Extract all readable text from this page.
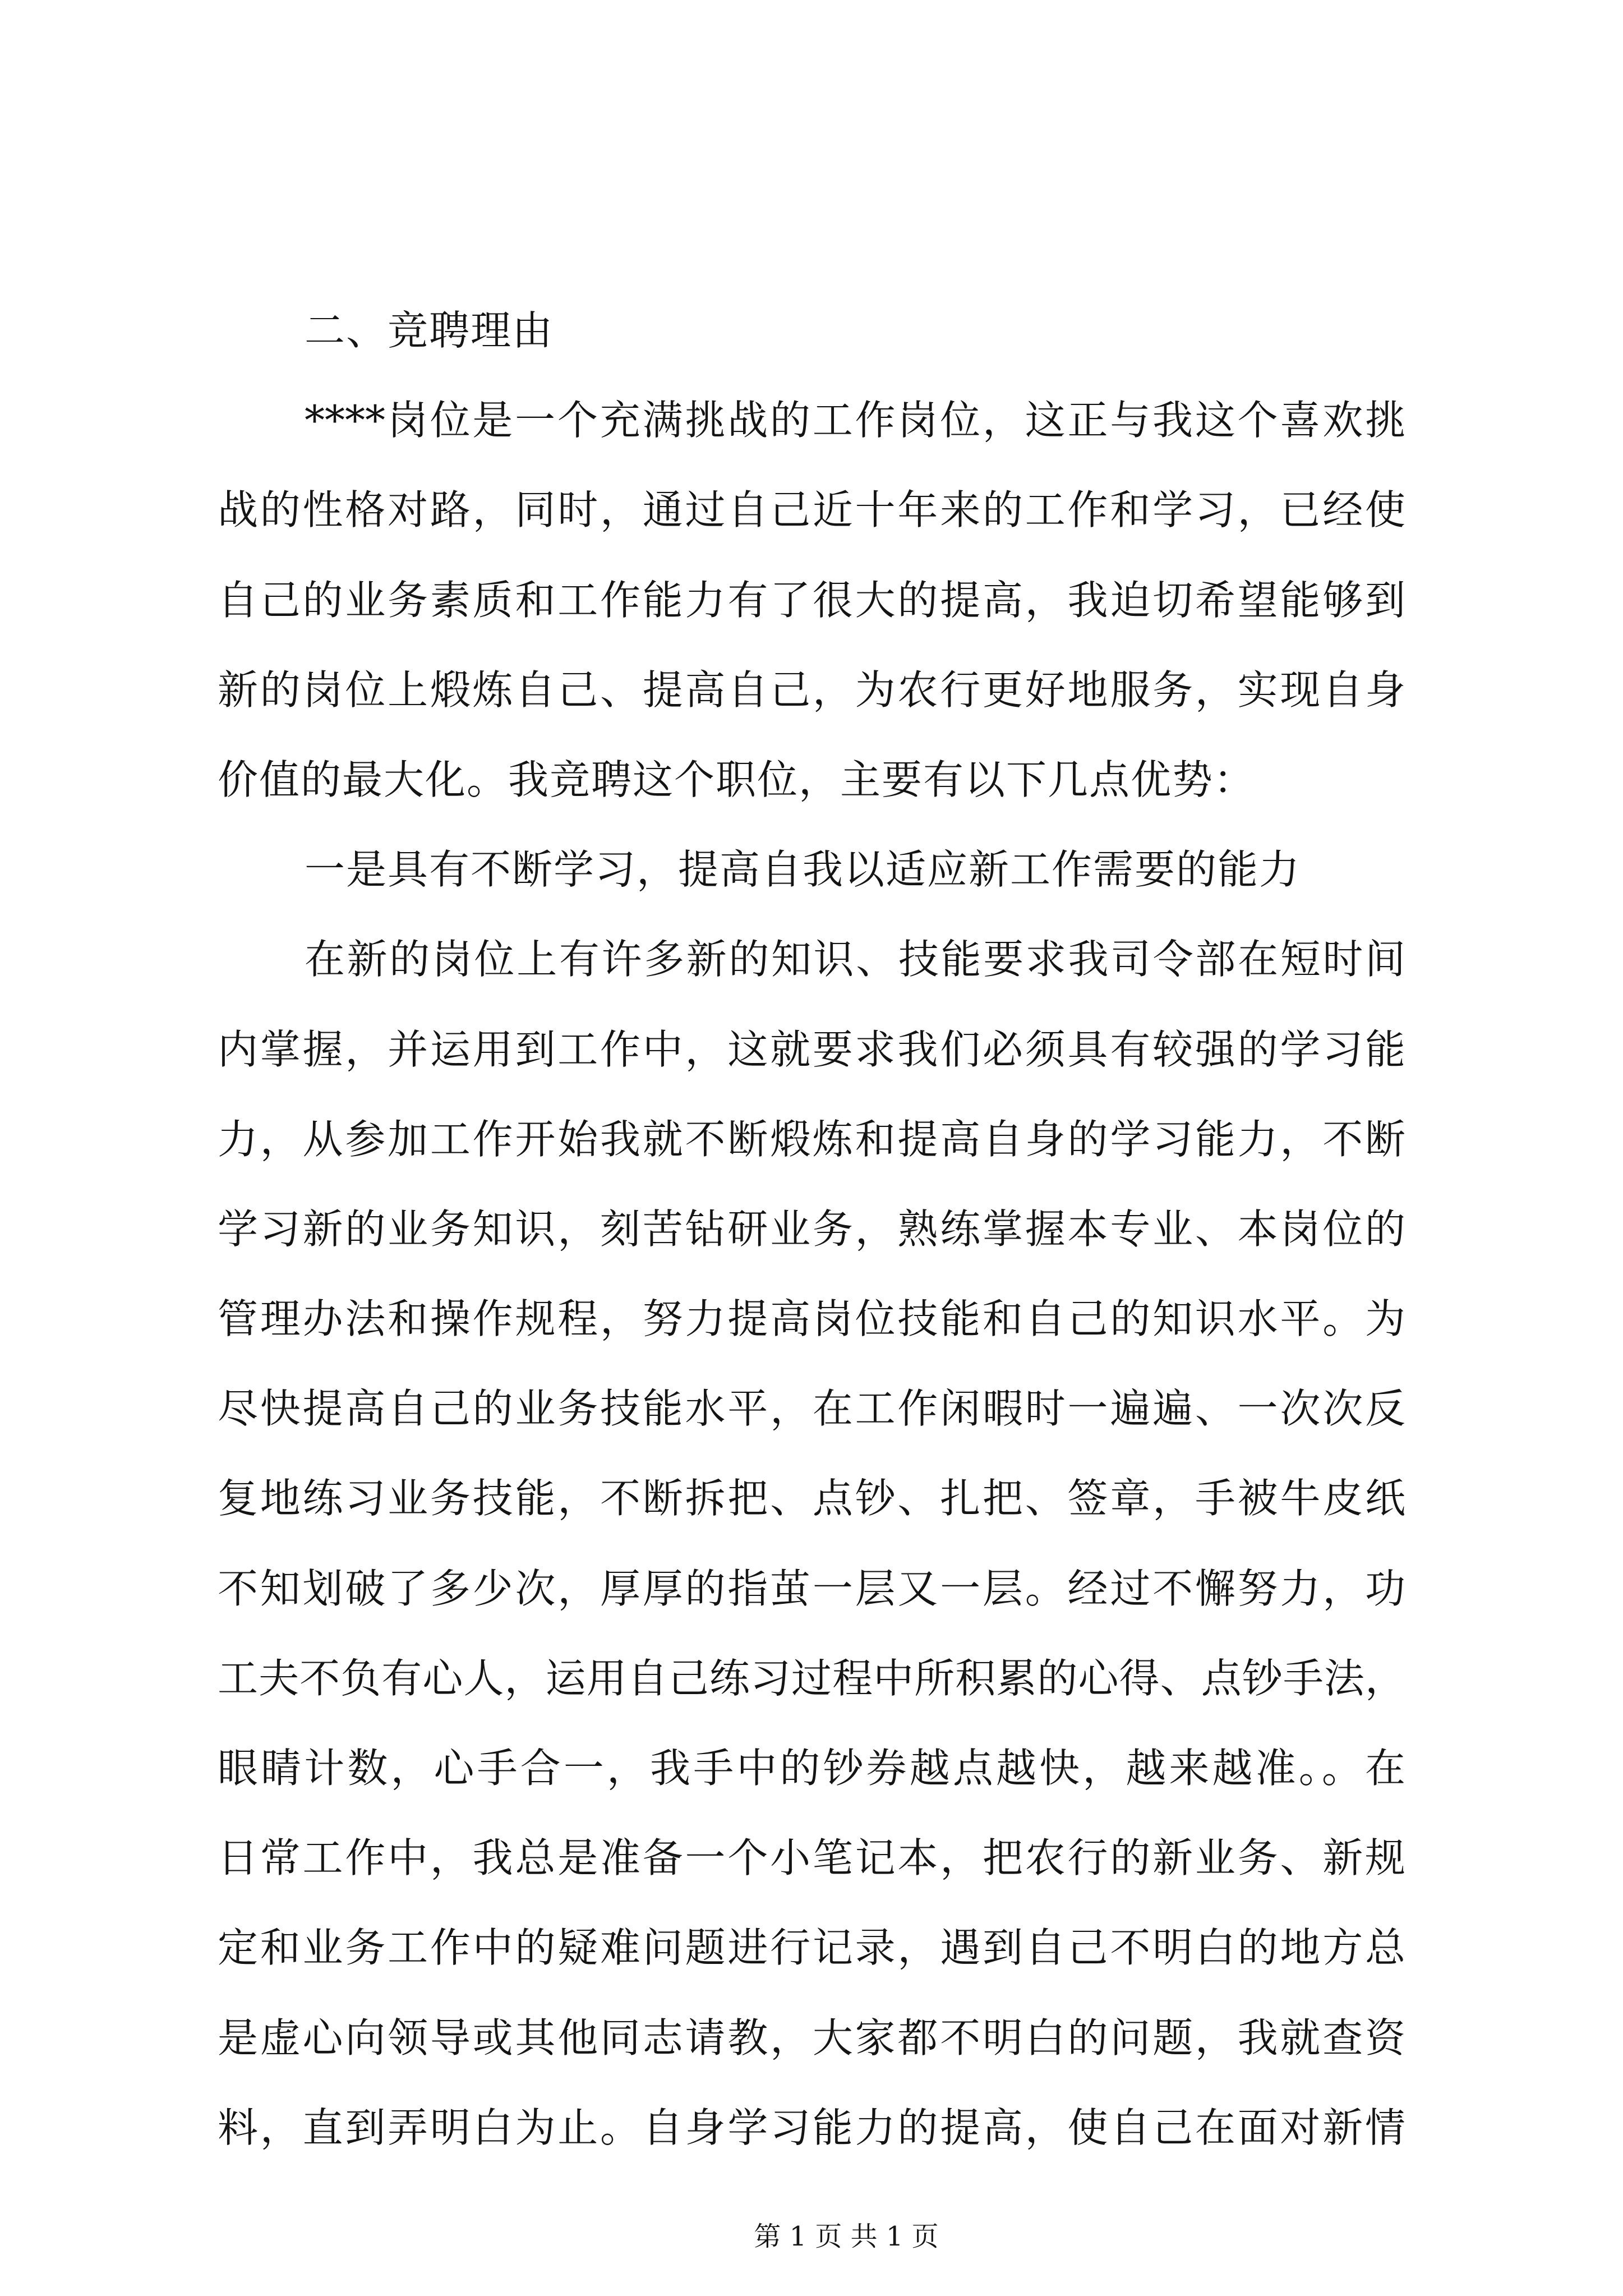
二、竞聘理由
****岗位是一个充满挑战的工作岗位，这正与我这个喜欢挑
战的性格对路，同时，通过自己近十年来的工作和学习，已经使
自己的业务素质和工作能力有了很大的提高，我迫切希望能够到
新的岗位上煅炼自己、提高自己，为农行更好地服务，实现自身
价值的最大化。我竞聘这个职位，主要有以下几点优势：
一是具有不断学习，提高自我以适应新工作需要的能力
在新的岗位上有许多新的知识、技能要求我司令部在短时间
内掌握，并运用到工作中，这就要求我们必须具有较强的学习能
力，从参加工作开始我就不断煅炼和提高自身的学习能力，不断
学习新的业务知识，刻苦钻研业务，熟练掌握本专业、本岗位的
管理办法和操作规程，努力提高岗位技能和自己的知识水平。为
尽快提高自己的业务技能水平，在工作闲暇时一遍遍、一次次反
复地练习业务技能，不断拆把、点钞、扎把、签章，手被牛皮纸
不知划破了多少次，厚厚的指茧一层又一层。经过不懈努力，功
工夫不负有心人，运用自己练习过程中所积累的心得、点钞手法，
眼睛计数，心手合一，我手中的钞券越点越快，越来越准。。在
日常工作中，我总是准备一个小笔记本，把农行的新业务、新规
定和业务工作中的疑难问题进行记录，遇到自己不明白的地方总
是虚心向领导或其他同志请教，大家都不明白的问题，我就查资
料，直到弄明白为止。自身学习能力的提高，使自己在面对新情
第 1 页 共 1 页
